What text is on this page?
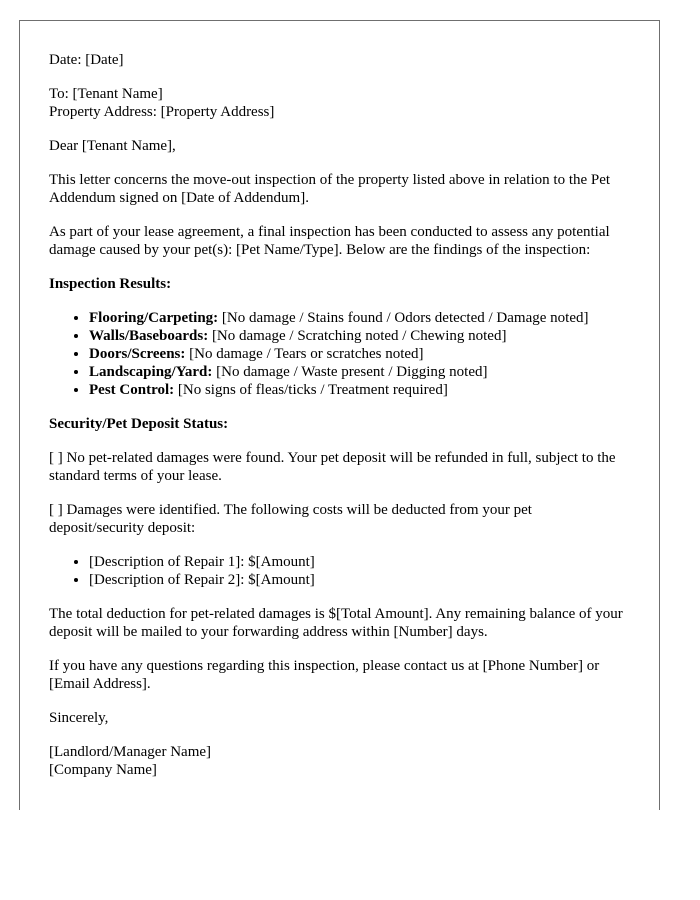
Date: [Date]

To: [Tenant Name]

Property Address: [Property Address]

Dear [Tenant Name],

This letter concerns the move-out inspection of the property listed above in relation to the Pet Addendum signed on [Date of Addendum].

As part of your lease agreement, a final inspection has been conducted to assess any potential damage caused by your pet(s): [Pet Name/Type]. Below are the findings of the inspection:

Inspection Results:
• Flooring/Carpeting: [No damage / Stains found / Odors detected / Damage noted]
• Walls/Baseboards: [No damage / Scratching noted / Chewing noted]
• Doors/Screens: [No damage / Tears or scratches noted]
• Landscaping/Yard: [No damage / Waste present / Digging noted]
• Pest Control: [No signs of fleas/ticks / Treatment required]
Security/Pet Deposit Status:

[ ] No pet-related damages were found. Your pet deposit will be refunded in full, subject to the standard terms of your lease.

[ ] Damages were identified. The following costs will be deducted from your pet deposit/security deposit:

• [Description of Repair 1]: $[Amount]
• [Description of Repair 2]: $[Amount]

The total deduction for pet-related damages is $[Total Amount]. Any remaining balance of your deposit will be mailed to your forwarding address within [Number] days.

If you have any questions regarding this inspection, please contact us at [Phone Number] or [Email Address].

Sincerely,

[Landlord/Manager Name]

[Company Name]
